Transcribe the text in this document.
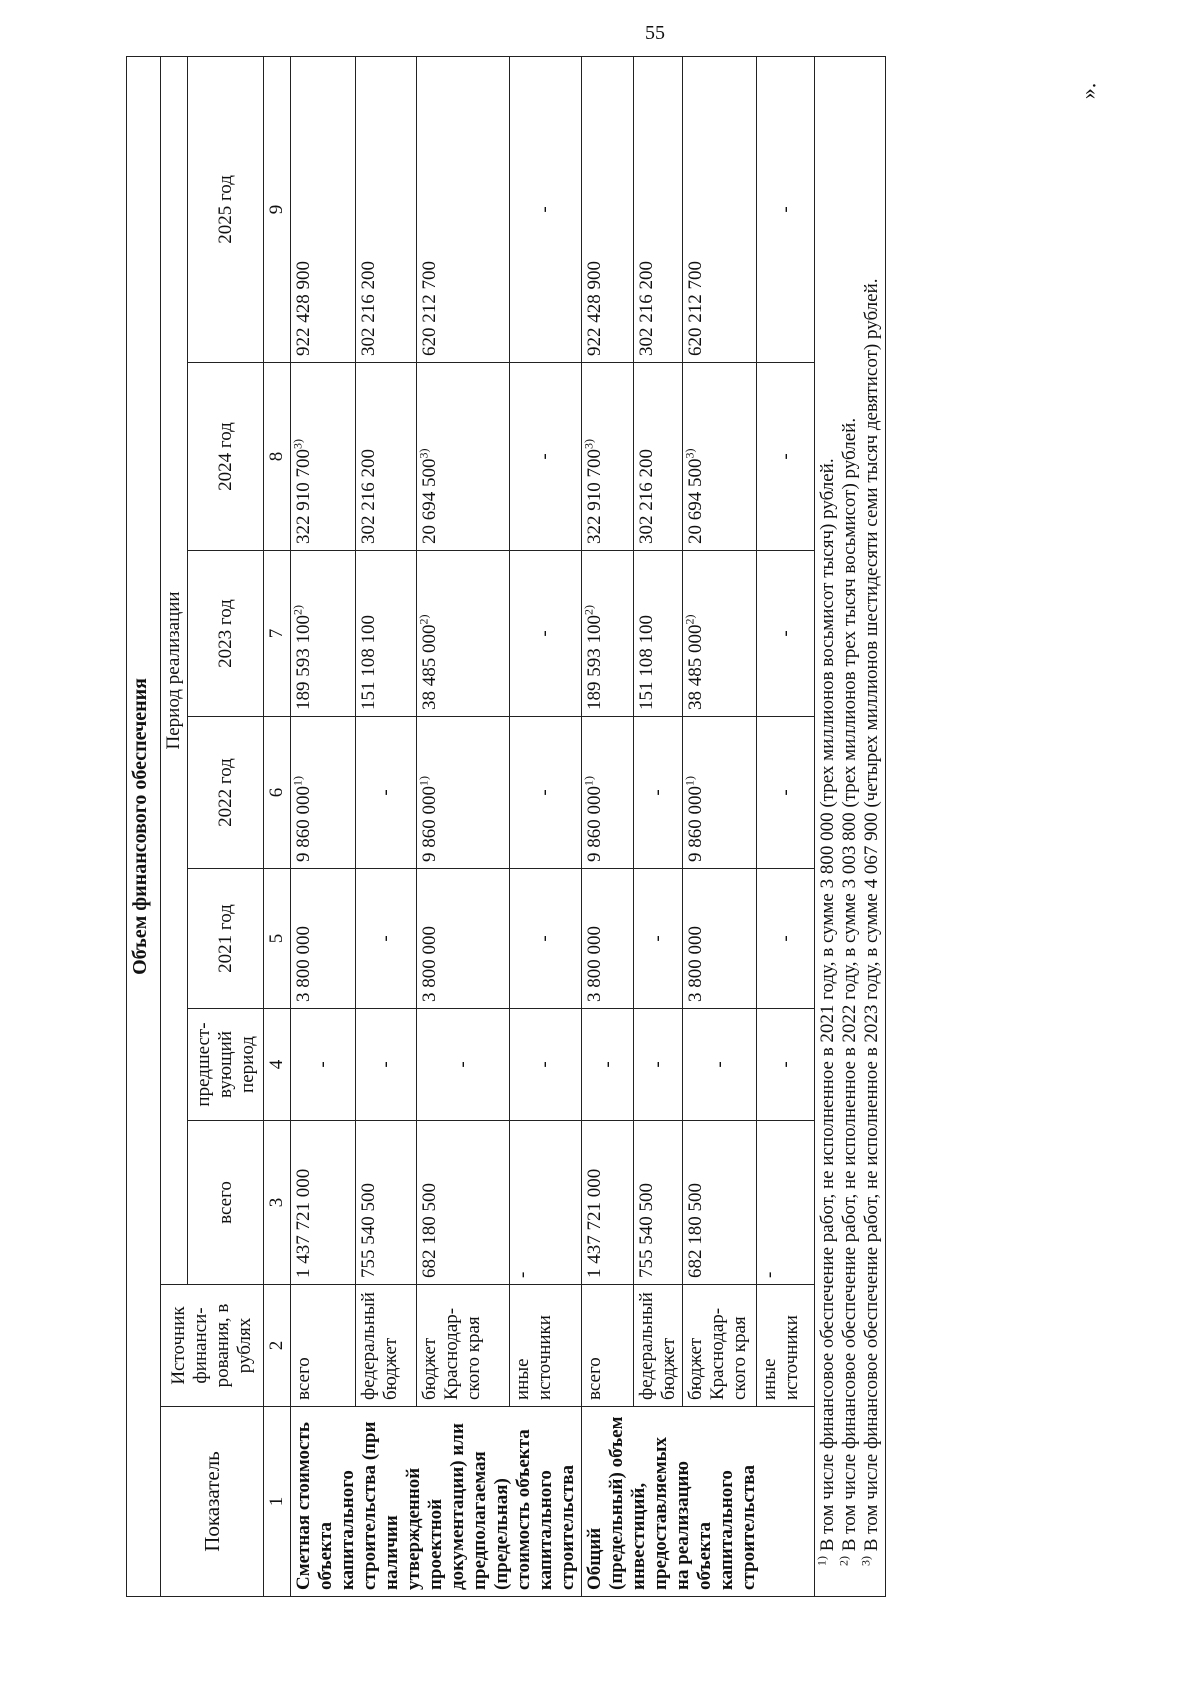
55
».
Объем финансового обеспечения								
Показатель	Источник финанси- рования, в рублях	Период реализации						
		всего	предшест- вующий период	2021 год	2022 год	2023 год	2024 год	2025 год
1	2	3	4	5	6	7	8	9
Сметная стоимость объекта капитального строительства (при наличии утвержденной проектной документации) или предполагаемая (предельная) стоимость объекта капитального строительства	всего	1 437 721 000	-	3 800 000	9 860 000$^{1)}$	189 593 100$^{2)}$	322 910 700$^{3)}$	922 428 900
	федеральный бюджет	755 540 500	-	-	-	151 108 100	302 216 200	302 216 200
	бюджет Краснодар- ского края	682 180 500	-	3 800 000	9 860 000$^{1)}$	38 485 000$^{2)}$	20 694 500$^{3)}$	620 212 700
	иные источники	-	-	-	-	-	-	-
Общий (предельный) объем инвестиций, предоставляемых на реализацию объекта капитального строительства	всего	1 437 721 000	-	3 800 000	9 860 000$^{1)}$	189 593 100$^{2)}$	322 910 700$^{3)}$	922 428 900
	федеральный бюджет	755 540 500	-	-	-	151 108 100	302 216 200	302 216 200
	бюджет Краснодар- ского края	682 180 500	-	3 800 000	9 860 000$^{1)}$	38 485 000$^{2)}$	20 694 500$^{3)}$	620 212 700
	иные источники	-	-	-	-	-	-	-

$^{1)}$ В том числе финансовое обеспечение работ, не исполненное в 2021 году, в сумме 3 800 000 (трех миллионов восьмисот тысяч) рублей.

$^{2)}$ В том числе финансовое обеспечение работ, не исполненное в 2022 году, в сумме 3 003 800 (трех миллионов трех тысяч восьмисот) рублей.

$^{3)}$ В том числе финансовое обеспечение работ, не исполненное в 2023 году, в сумме 4 067 900 (четырех миллионов шестидесяти семи тысяч девятисот) рублей.								
